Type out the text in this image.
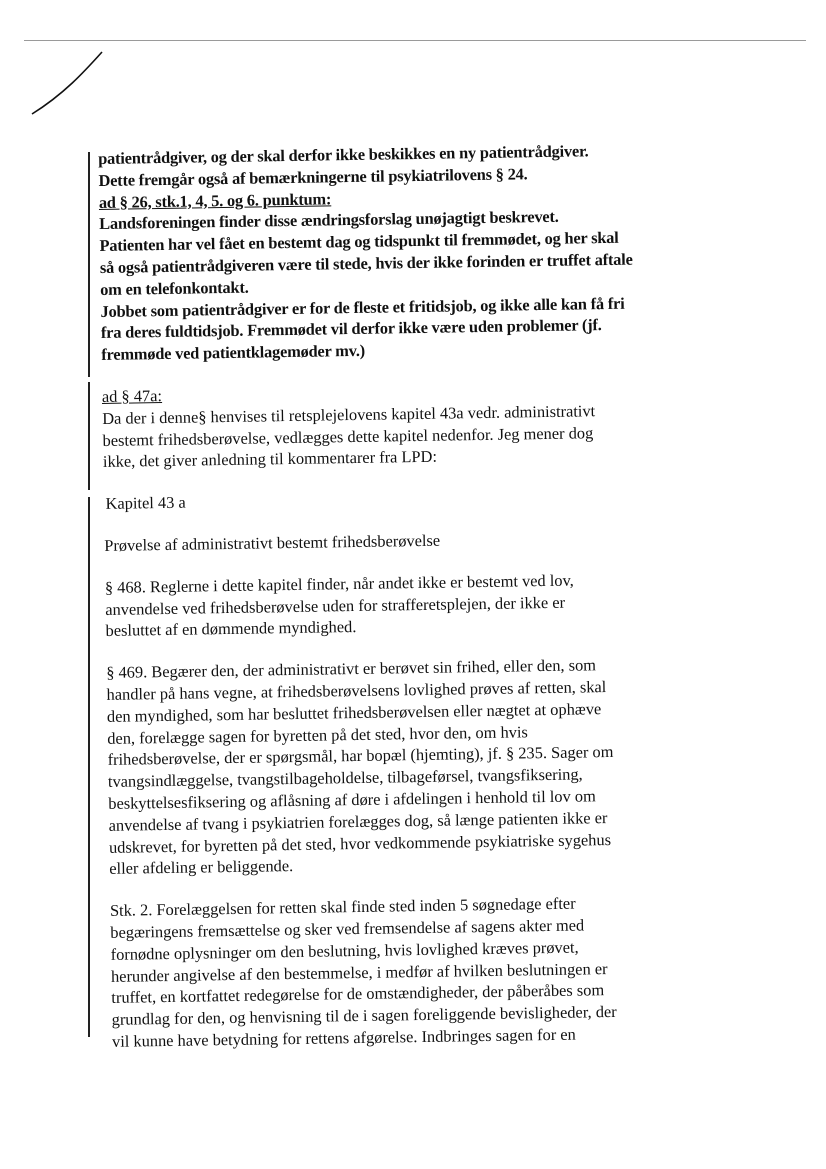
patientrådgiver, og der skal derfor ikke beskikkes en ny patientrådgiver.
Dette fremgår også af bemærkningerne til psykiatrilovens § 24.
ad § 26, stk.1, 4, 5. og 6. punktum:
Landsforeningen finder disse ændringsforslag unøjagtigt beskrevet.
Patienten har vel fået en bestemt dag og tidspunkt til fremmødet, og her skal
så også patientrådgiveren være til stede, hvis der ikke forinden er truffet aftale
om en telefonkontakt.
Jobbet som patientrådgiver er for de fleste et fritidsjob, og ikke alle kan få fri
fra deres fuldtidsjob. Fremmødet vil derfor ikke være uden problemer (jf.
fremmøde ved patientklagemøder mv.)
ad § 47a:
Da der i denne§ henvises til retsplejelovens kapitel 43a vedr. administrativt
bestemt frihedsberøvelse, vedlægges dette kapitel nedenfor. Jeg mener dog
ikke, det giver anledning til kommentarer fra LPD:
Kapitel 43 a
Prøvelse af administrativt bestemt frihedsberøvelse
§ 468. Reglerne i dette kapitel finder, når andet ikke er bestemt ved lov,
anvendelse ved frihedsberøvelse uden for strafferetsplejen, der ikke er
besluttet af en dømmende myndighed.
§ 469. Begærer den, der administrativt er berøvet sin frihed, eller den, som
handler på hans vegne, at frihedsberøvelsens lovlighed prøves af retten, skal
den myndighed, som har besluttet frihedsberøvelsen eller nægtet at ophæve
den, forelægge sagen for byretten på det sted, hvor den, om hvis
frihedsberøvelse, der er spørgsmål, har bopæl (hjemting), jf. § 235. Sager om
tvangsindlæggelse, tvangstilbageholdelse, tilbageførsel, tvangsfiksering,
beskyttelsesfiksering og aflåsning af døre i afdelingen i henhold til lov om
anvendelse af tvang i psykiatrien forelægges dog, så længe patienten ikke er
udskrevet, for byretten på det sted, hvor vedkommende psykiatriske sygehus
eller afdeling er beliggende.
Stk. 2. Forelæggelsen for retten skal finde sted inden 5 søgnedage efter
begæringens fremsættelse og sker ved fremsendelse af sagens akter med
fornødne oplysninger om den beslutning, hvis lovlighed kræves prøvet,
herunder angivelse af den bestemmelse, i medfør af hvilken beslutningen er
truffet, en kortfattet redegørelse for de omstændigheder, der påberåbes som
grundlag for den, og henvisning til de i sagen foreliggende bevisligheder, der
vil kunne have betydning for rettens afgørelse. Indbringes sagen for en
